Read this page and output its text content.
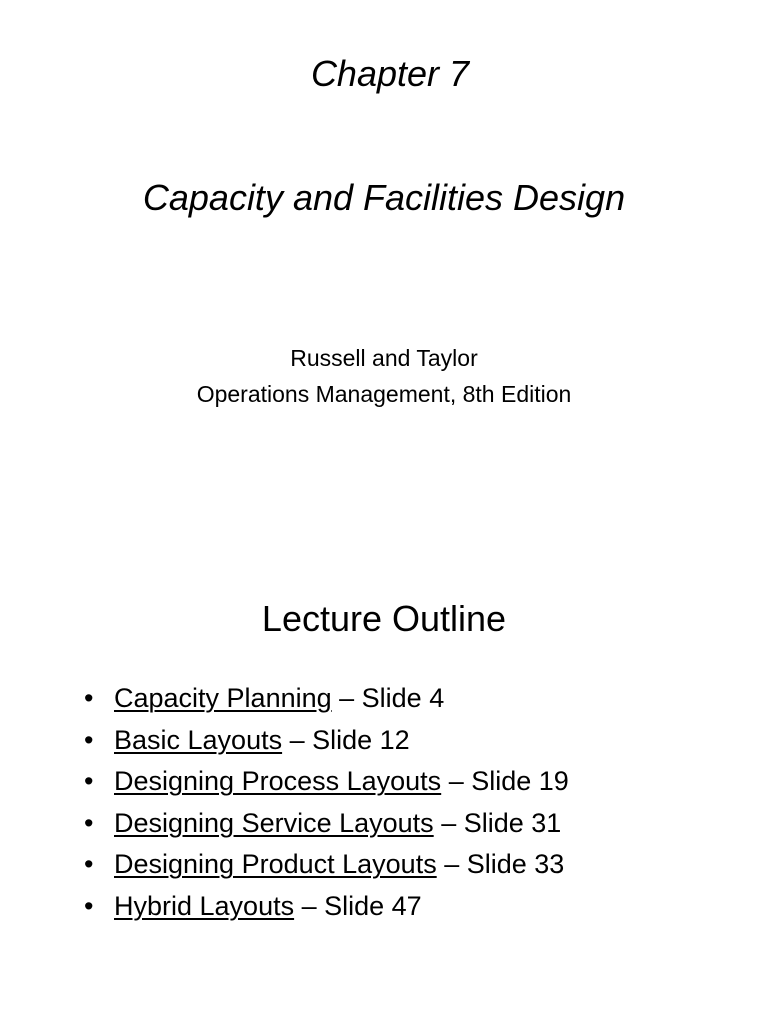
Chapter 7
Capacity and Facilities Design
Russell and Taylor
Operations Management, 8th Edition
Lecture Outline
• Capacity Planning – Slide 4
• Basic Layouts – Slide 12
• Designing Process Layouts – Slide 19
• Designing Service Layouts – Slide 31
• Designing Product Layouts – Slide 33
• Hybrid Layouts – Slide 47
